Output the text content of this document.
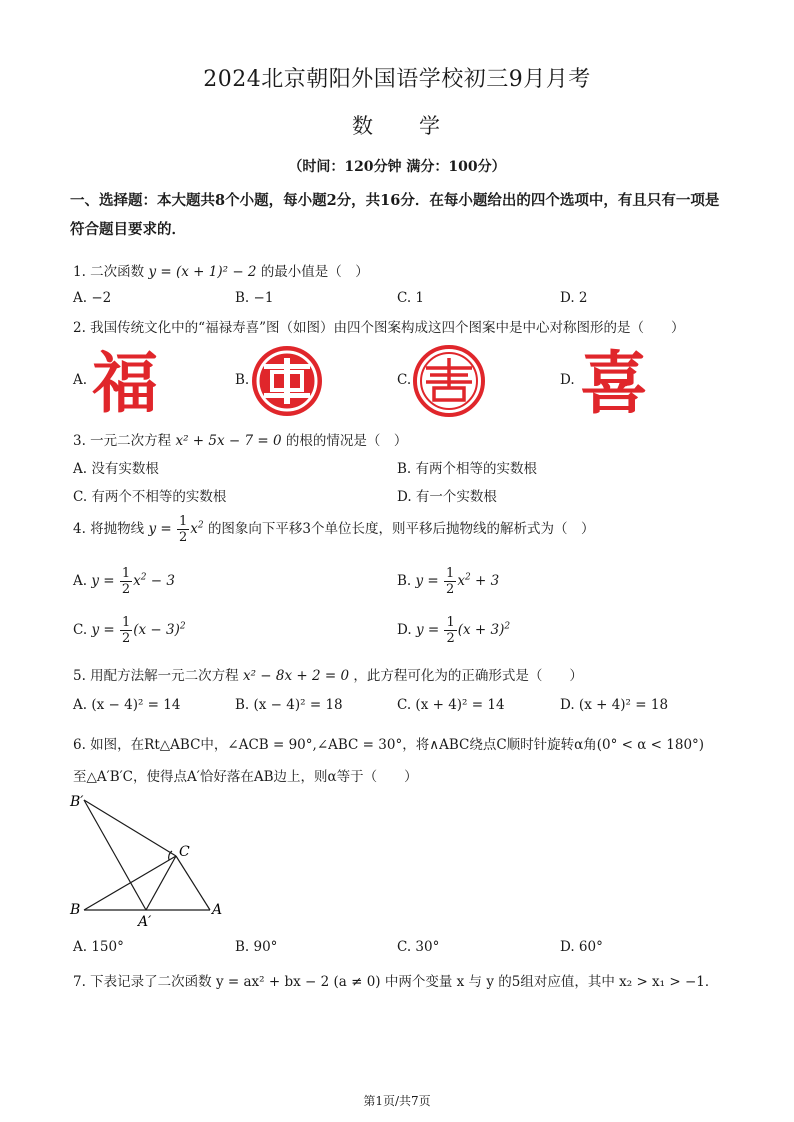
2024北京朝阳外国语学校初三9月月考
数 学
（时间：120分钟 满分：100分）
一、选择题：本大题共8个小题，每小题2分，共16分．在每小题给出的四个选项中，有且只有一项是符合题目要求的．
1. 二次函数 y = (x + 1)² − 2 的最小值是（　）
A. −2	B. −1	C. 1	D. 2
2. 我国传统文化中的“福禄寿喜”图（如图）由四个图案构成这四个图案中是中心对称图形的是（　　）
A.	B.	C.	D.
福	喜
3. 一元二次方程 x² + 5x − 7 = 0 的根的情况是（　）
A. 没有实数根	B. 有两个相等的实数根
C. 有两个不相等的实数根	D. 有一个实数根
4. 将抛物线 $y = \frac{1}{2} x^2$ 的图象向下平移3个单位长度，则平移后抛物线的解析式为（　）
A. $y = \frac{1}{2} x^2 - 3$	B. $y = \frac{1}{2} x^2 + 3$
C. $y = \frac{1}{2} (x - 3)^2$	D. $y = \frac{1}{2} (x + 3)^2$
5. 用配方法解一元二次方程 x² − 8x + 2 = 0 ，此方程可化为的正确形式是（　　）
A. (x − 4)² = 14	B. (x − 4)² = 18	C. (x + 4)² = 14	D. (x + 4)² = 18
6. 如图，在Rt△ABC中，∠ACB = 90°,∠ABC = 30°，将∧ABC绕点C顺时针旋转α角(0° < α < 180°)
至△A′B′C，使得点A′恰好落在AB边上，则α等于（　　）
B′
C
B
A′
A
A. 150°	B. 90°	C. 30°	D. 60°
7. 下表记录了二次函数 y = ax² + bx − 2 (a ≠ 0) 中两个变量 x 与 y 的5组对应值，其中 x₂ > x₁ > −1．
第1页/共7页
